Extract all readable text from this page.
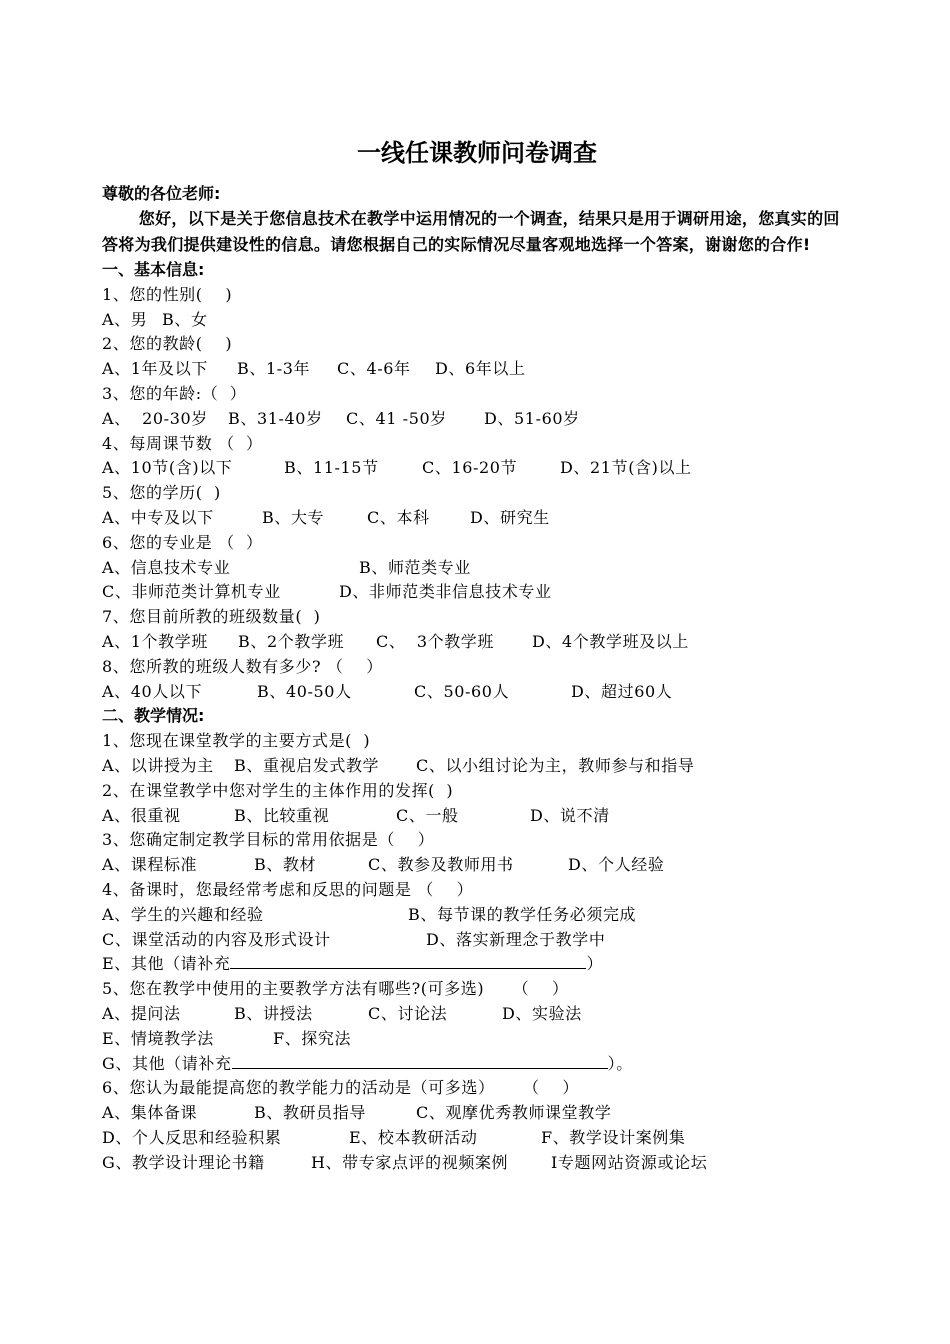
一线任课教师问卷调查
尊敬的各位老师:
您好，以下是关于您信息技术在教学中运用情况的一个调查，结果只是用于调研用途，您真实的回答将为我们提供建设性的信息。请您根据自己的实际情况尽量客观地选择一个答案，谢谢您的合作!
一、基本信息:
1、您的性别(    )
A、男 B、女
2、您的教龄(    )
A、1年及以下 B、1-3年 C、4-6年 D、6年以上
3、您的年龄:（  ）
A、  20-30岁 B、31-40岁 C、41 -50岁 D、51-60岁
4、每周课节数 （  ）
A、10节(含)以下	B、11-15节	C、16-20节	D、21节(含)以上
5、您的学历(  )
A、中专及以下	B、大专	C、本科	D、研究生
6、您的专业是 （  ）
A、信息技术专业	B、师范类专业
C、非师范类计算机专业	D、非师范类非信息技术专业
7、您目前所教的班级数量(  )
A、1个教学班 B、2个教学班 C、  3个教学班 D、4个教学班及以上
8、您所教的班级人数有多少? （    ）
A、40人以下	B、40-50人	C、50-60人	D、超过60人
二、教学情况:
1、您现在课堂教学的主要方式是(  )
A、以讲授为主 B、重视启发式教学 C、以小组讨论为主，教师参与和指导
2、在课堂教学中您对学生的主体作用的发挥(  )
A、很重视	B、比较重视	C、一般	D、说不清
3、您确定制定教学目标的常用依据是（    ）
A、课程标准	B、教材	C、教参及教师用书	D、个人经验
4、备课时，您最经常考虑和反思的问题是 （    ）
A、学生的兴趣和经验	B、每节课的教学任务必须完成
C、课堂活动的内容及形式设计	D、落实新理念于教学中
E、其他（请补充	）
5、您在教学中使用的主要教学方法有哪些?(可多选)     （    ）
A、提问法	B、讲授法	C、讨论法	D、实验法
E、情境教学法	F、探究法
G、其他（请补充	）。
6、您认为最能提高您的教学能力的活动是（可多选）     （    ）
A、集体备课	B、教研员指导	C、观摩优秀教师课堂教学
D、个人反思和经验积累	E、校本教研活动	F、教学设计案例集
G、教学设计理论书籍	H、带专家点评的视频案例	I专题网站资源或论坛
